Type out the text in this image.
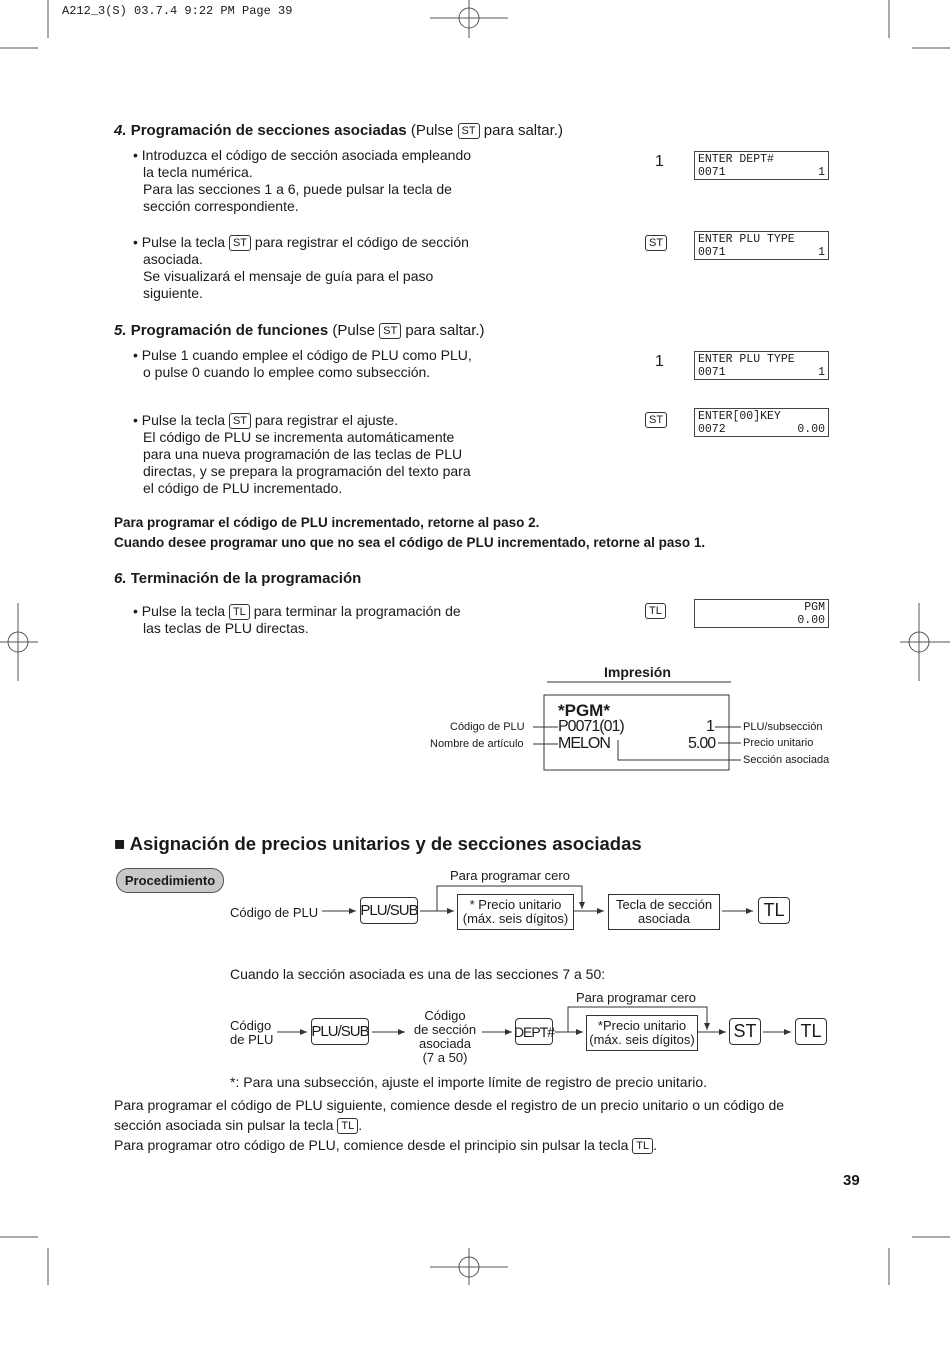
A212_3(S) 03.7.4 9:22 PM Page 39
4. Programación de secciones asociadas (Pulse ST para saltar.)
• Introduzca el código de sección asociada empleando
la tecla numérica.
Para las secciones 1 a 6, puede pulsar la tecla de
sección correspondiente.
• Pulse la tecla ST para registrar el código de sección
asociada.
Se visualizará el mensaje de guía para el paso
siguiente.
1
ST
ENTER DEPT#
0071	1
ENTER PLU TYPE
0071	1
5. Programación de funciones (Pulse ST para saltar.)
• Pulse 1 cuando emplee el código de PLU como PLU,
o pulse 0 cuando lo emplee como subsección.
• Pulse la tecla ST para registrar el ajuste.
El código de PLU se incrementa automáticamente
para una nueva programación de las teclas de PLU
directas, y se prepara la programación del texto para
el código de PLU incrementado.
1
ST
ENTER PLU TYPE
0071	1
ENTER[00]KEY
0072	0.00
Para programar el código de PLU incrementado, retorne al paso 2.
Cuando desee programar uno que no sea el código de PLU incrementado, retorne al paso 1.
6. Terminación de la programación
• Pulse la tecla TL para terminar la programación de
las teclas de PLU directas.
TL	PGM
0.00
Impresión
*PGM*
P0071(01)	1
MELON	5.00
Código de PLU
Nombre de artículo
PLU/subsección
Precio unitario
Sección asociada
■ Asignación de precios unitarios y de secciones asociadas
Procedimiento	Para programar cero
Código de PLU	PLU/SUB	* Precio unitario
(máx. seis dígitos)
Tecla de sección
asociada	TL
Cuando la sección asociada es una de las secciones 7 a 50:
Para programar cero
Código
de PLU	PLU/SUB
Código
de sección
asociada
(7 a 50)
DEPT#	*Precio unitario
(máx. seis dígitos) ST	TL
*: Para una subsección, ajuste el importe límite de registro de precio unitario.
Para programar el código de PLU siguiente, comience desde el registro de un precio unitario o un código de
sección asociada sin pulsar la tecla TL .
Para programar otro código de PLU, comience desde el principio sin pulsar la tecla TL .
39
